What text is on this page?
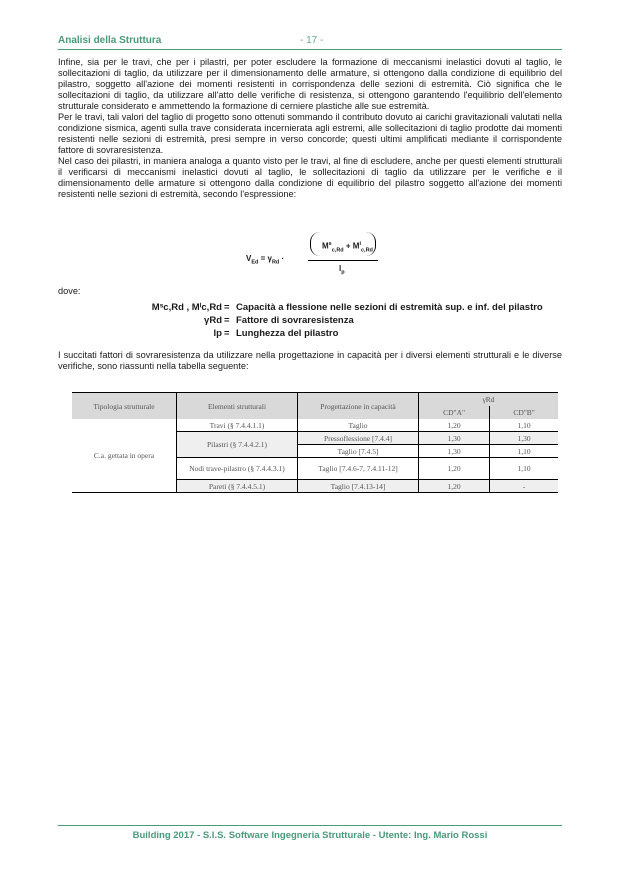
Analisi della Struttura	- 17 -

Infine, sia per le travi, che per i pilastri, per poter escludere la formazione di meccanismi inelastici dovuti al taglio, le sollecitazioni di taglio, da utilizzare per il dimensionamento delle armature, si ottengono dalla condizione di equilibrio del pilastro, soggetto all'azione dei momenti resistenti in corrispondenza delle sezioni di estremità. Ciò significa che le sollecitazioni di taglio, da utilizzare all'atto delle verifiche di resistenza, si ottengono garantendo l'equilibrio dell'elemento strutturale considerato e ammettendo la formazione di cerniere plastiche alle sue estremità.

Per le travi, tali valori del taglio di progetto sono ottenuti sommando il contributo dovuto ai carichi gravitazionali valutati nella condizione sismica, agenti sulla trave considerata incernierata agli estremi, alle sollecitazioni di taglio prodotte dai momenti resistenti nelle sezioni di estremità, presi sempre in verso concorde; questi ultimi amplificati mediante il corrispondente fattore di sovraresistenza.

Nel caso dei pilastri, in maniera analoga a quanto visto per le travi, al fine di escludere, anche per questi elementi strutturali il verificarsi di meccanismi inelastici dovuti al taglio, le sollecitazioni di taglio da utilizzare per le verifiche e il dimensionamento delle armature si ottengono dalla condizione di equilibrio del pilastro soggetto all'azione dei momenti resistenti nelle sezioni di estremità, secondo l'espressione:

$V_{Ed} = \gamma_{Rd}$ ·
$M^s_{c,Rd} + M^i_{c,Rd}$
$l_p$
dove:
Mˢc,Rd , Mⁱc,Rd = Capacità a flessione nelle sezioni di estremità sup. e inf. del pilastro
γRd = Fattore di sovraresistenza
lp = Lunghezza del pilastro
I succitati fattori di sovraresistenza da utilizzare nella progettazione in capacità per i diversi elementi strutturali e le diverse verifiche, sono riassunti nella tabella seguente:
Tipologia strutturale	Elementi strutturali	Progettazione in capacità	γRd	
			CD"A"	CD"B"
C.a. gettata in opera	Travi (§ 7.4.4.1.1)	Taglio	1,20	1,10
	Pilastri (§ 7.4.4.2.1)	Pressoflessione [7.4.4]	1,30	1,30
		Taglio [7.4.5]	1,30	1,10
	Nodi trave-pilastro (§ 7.4.4.3.1)	Taglio [7.4.6-7, 7.4.11-12]	1,20	1,10
	Pareti (§ 7.4.4.5.1)	Taglio [7.4.13-14]	1,20	-
Building 2017 - S.I.S. Software Ingegneria Strutturale - Utente: Ing. Mario Rossi
